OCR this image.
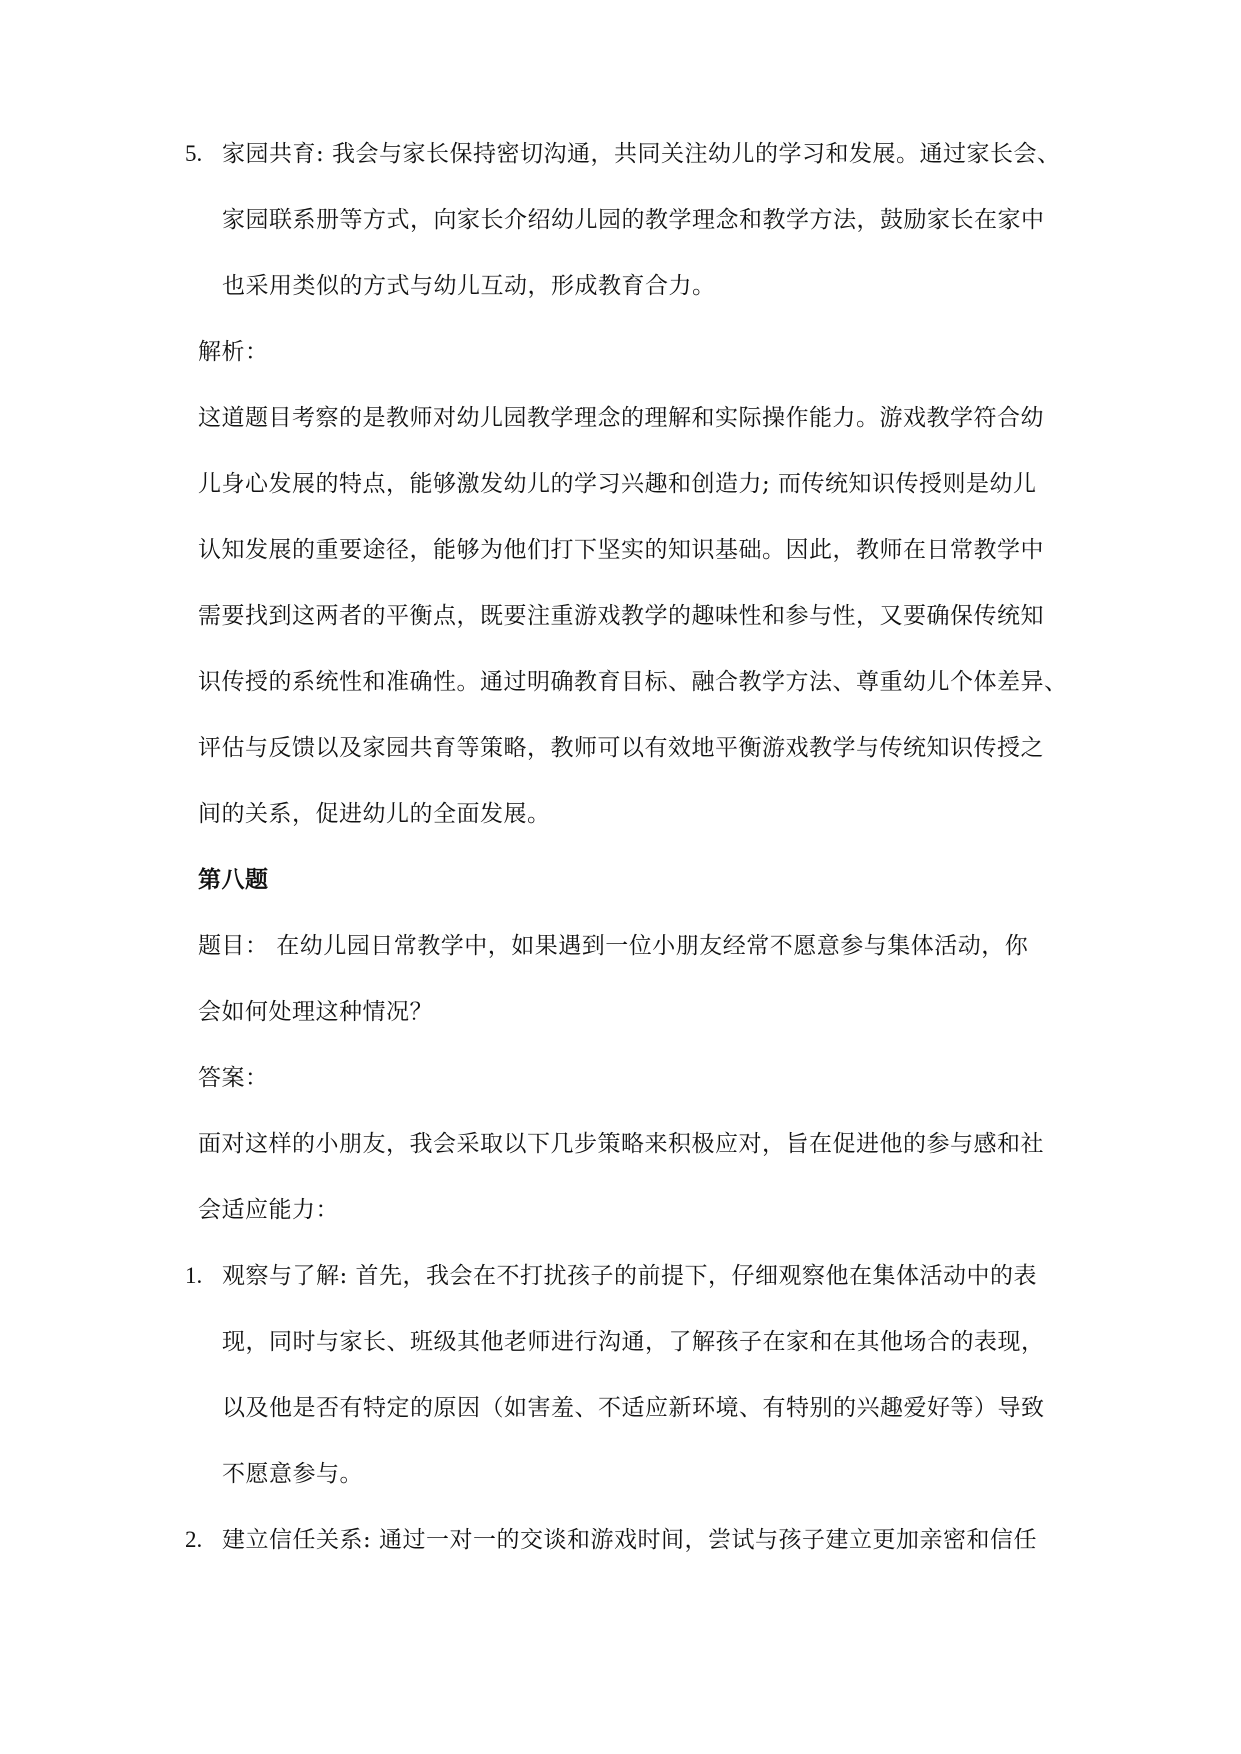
5. 家园共育: 我会与家长保持密切沟通，共同关注幼儿的学习和发展。通过家长会、
家园联系册等方式，向家长介绍幼儿园的教学理念和教学方法，鼓励家长在家中
也采用类似的方式与幼儿互动，形成教育合力。
解析：
这道题目考察的是教师对幼儿园教学理念的理解和实际操作能力。游戏教学符合幼
儿身心发展的特点，能够激发幼儿的学习兴趣和创造力; 而传统知识传授则是幼儿
认知发展的重要途径，能够为他们打下坚实的知识基础。因此，教师在日常教学中
需要找到这两者的平衡点，既要注重游戏教学的趣味性和参与性，又要确保传统知
识传授的系统性和准确性。通过明确教育目标、融合教学方法、尊重幼儿个体差异、
评估与反馈以及家园共育等策略，教师可以有效地平衡游戏教学与传统知识传授之
间的关系，促进幼儿的全面发展。
第八题
题目： 在幼儿园日常教学中，如果遇到一位小朋友经常不愿意参与集体活动，你
会如何处理这种情况？
答案：
面对这样的小朋友，我会采取以下几步策略来积极应对，旨在促进他的参与感和社
会适应能力：
1. 观察与了解: 首先，我会在不打扰孩子的前提下，仔细观察他在集体活动中的表
现，同时与家长、班级其他老师进行沟通，了解孩子在家和在其他场合的表现，
以及他是否有特定的原因（如害羞、不适应新环境、有特别的兴趣爱好等）导致
不愿意参与。
2. 建立信任关系: 通过一对一的交谈和游戏时间，尝试与孩子建立更加亲密和信任
